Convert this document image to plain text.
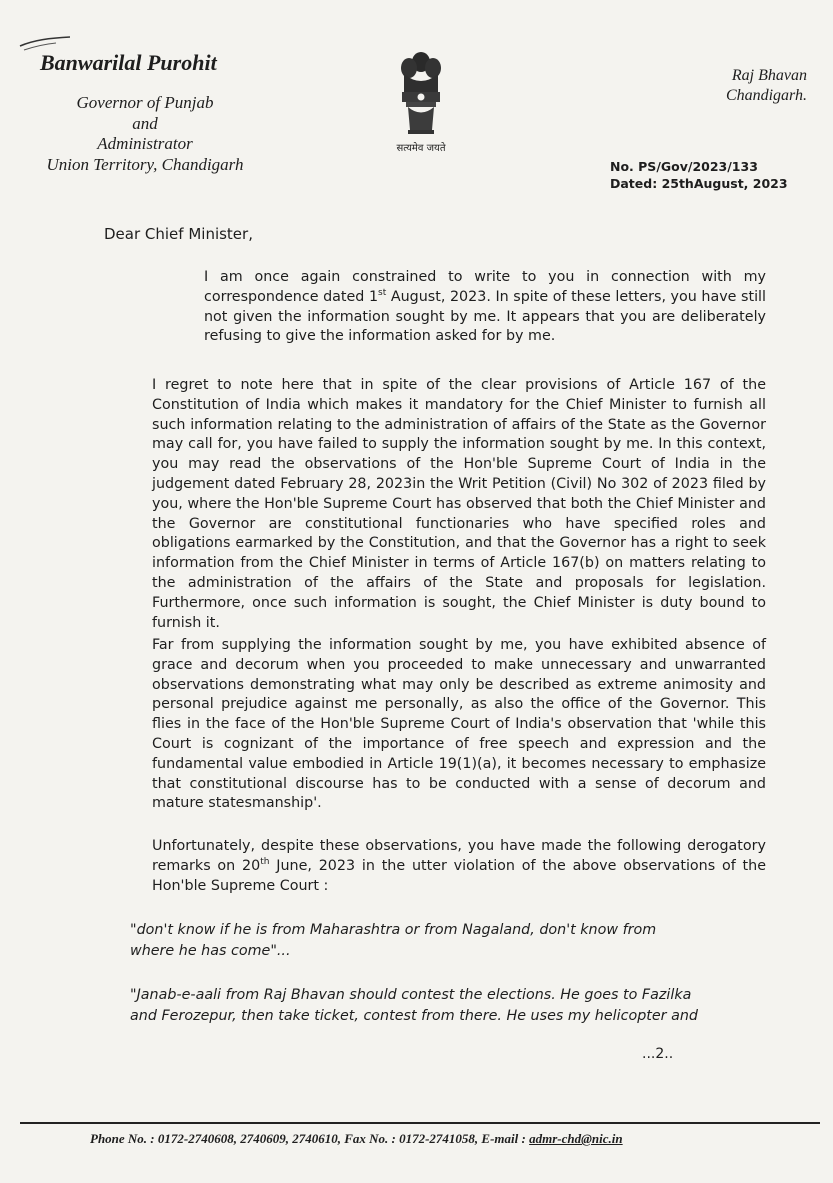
Banwarilal Purohit
Governor of Punjab
and
Administrator
Union Territory, Chandigarh
सत्यमेव जयते
Raj Bhavan
Chandigarh.
No. PS/Gov/2023/133
Dated: 25thAugust, 2023
Dear Chief Minister,

I am once again constrained to write to you in connection with my correspondence dated 1st August, 2023. In spite of these letters, you have still not given the information sought by me. It appears that you are deliberately refusing to give the information asked for by me.

I regret to note here that in spite of the clear provisions of Article 167 of the Constitution of India which makes it mandatory for the Chief Minister to furnish all such information relating to the administration of affairs of the State as the Governor may call for, you have failed to supply the information sought by me. In this context, you may read the observations of the Hon'ble Supreme Court of India in the judgement dated February 28, 2023in the Writ Petition (Civil) No 302 of 2023 filed by you, where the Hon'ble Supreme Court has observed that both the Chief Minister and the Governor are constitutional functionaries who have specified roles and obligations earmarked by the Constitution, and that the Governor has a right to seek information from the Chief Minister in terms of Article 167(b) on matters relating to the administration of the affairs of the State and proposals for legislation. Furthermore, once such information is sought, the Chief Minister is duty bound to furnish it.

Far from supplying the information sought by me, you have exhibited absence of grace and decorum when you proceeded to make unnecessary and unwarranted observations demonstrating what may only be described as extreme animosity and personal prejudice against me personally, as also the office of the Governor. This flies in the face of the Hon'ble Supreme Court of India's observation that 'while this Court is cognizant of the importance of free speech and expression and the fundamental value embodied in Article 19(1)(a), it becomes necessary to emphasize that constitutional discourse has to be conducted with a sense of decorum and mature statesmanship'.

Unfortunately, despite these observations, you have made the following derogatory remarks on 20th June, 2023 in the utter violation of the above observations of the Hon'ble Supreme Court :

"don't know if he is from Maharashtra or from Nagaland, don't know from where he has come"...
"Janab-e-aali from Raj Bhavan should contest the elections. He goes to Fazilka and Ferozepur, then take ticket, contest from there. He uses my helicopter and
...2..
Phone No. : 0172-2740608, 2740609, 2740610, Fax No. : 0172-2741058, E-mail : admr-chd@nic.in
